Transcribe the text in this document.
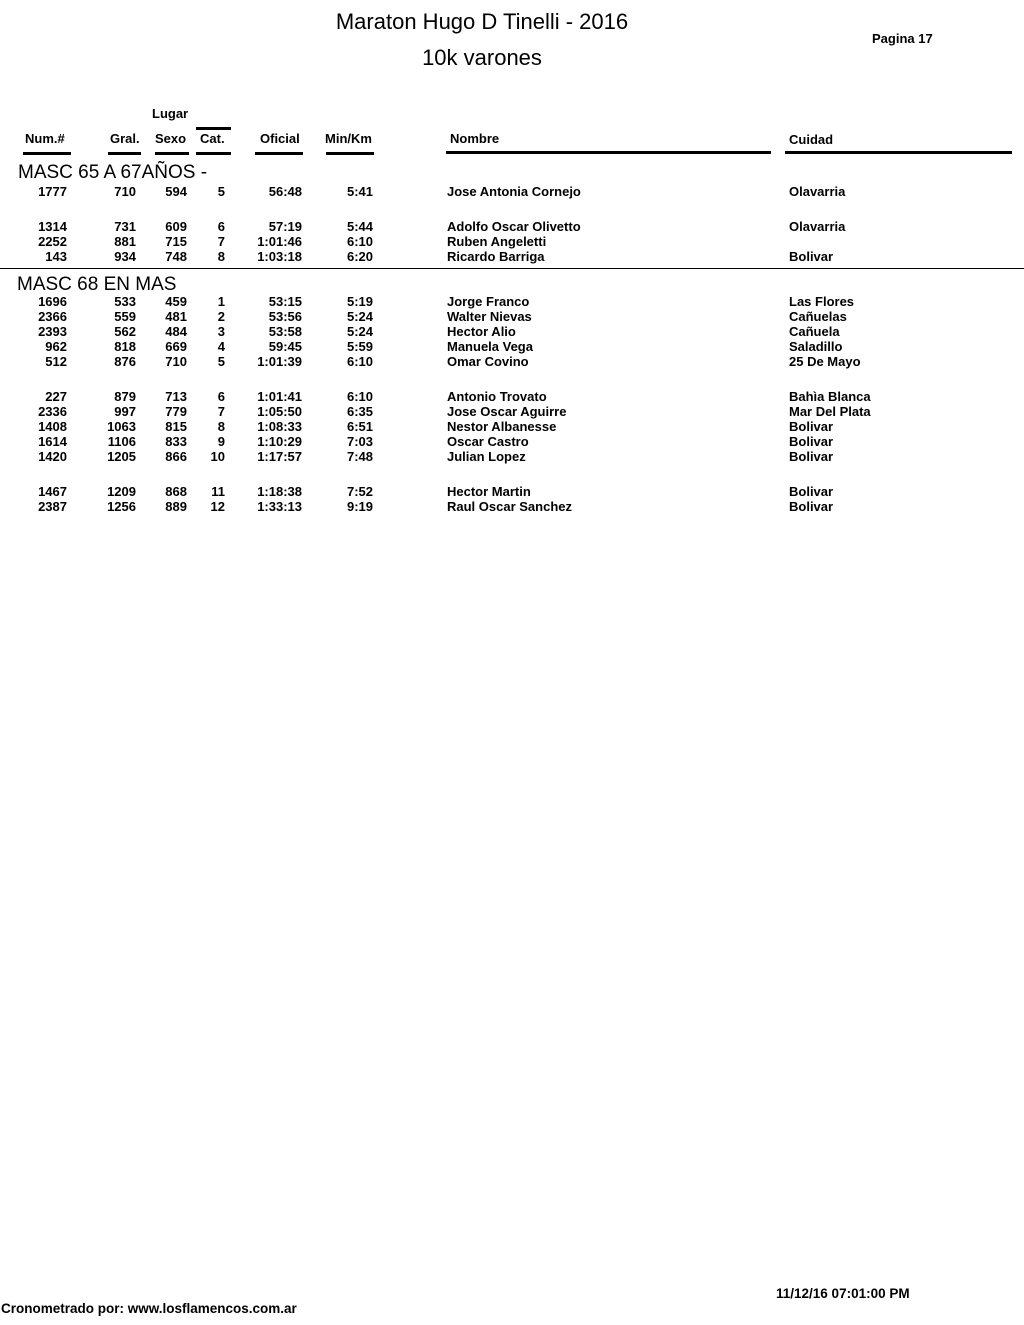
Maraton Hugo D Tinelli - 2016
10k varones
Pagina 17
Lugar
Num.#	Gral. Sexo Cat.	Oficial Min/Km	Nombre	Cuidad
MASC 65 A 67AÑOS -
1777	710 594 5	56:48	5:41	Jose Antonia Cornejo	Olavarria
1314	731 609 6	57:19	5:44	Adolfo Oscar Olivetto	Olavarria
2252	881 715 7 1:01:46	6:10	Ruben Angeletti
143	934 748 8 1:03:18	6:20	Ricardo Barriga	Bolivar
MASC 68 EN MAS
1696	533 459 1	53:15	5:19	Jorge Franco	Las Flores
2366	559 481 2	53:56	5:24	Walter Nievas	Cañuelas
2393	562 484 3	53:58	5:24	Hector Alio	Cañuela
962	818 669 4	59:45	5:59	Manuela Vega	Saladillo
512	876 710 5 1:01:39	6:10	Omar Covino	25 De Mayo
227	879 713 6 1:01:41	6:10	Antonio Trovato	Bahìa Blanca
2336	997 779 7 1:05:50	6:35	Jose Oscar Aguirre	Mar Del Plata
1408	1063 815 8 1:08:33	6:51	Nestor Albanesse	Bolivar
1614	1106 833 9 1:10:29	7:03	Oscar Castro	Bolivar
1420	1205 866 10 1:17:57	7:48	Julian Lopez	Bolivar
1467	1209 868 11 1:18:38	7:52	Hector Martin	Bolivar
2387	1256 889 12 1:33:13	9:19	Raul Oscar Sanchez	Bolivar
11/12/16 07:01:00 PM
Cronometrado por: www.losflamencos.com.ar
